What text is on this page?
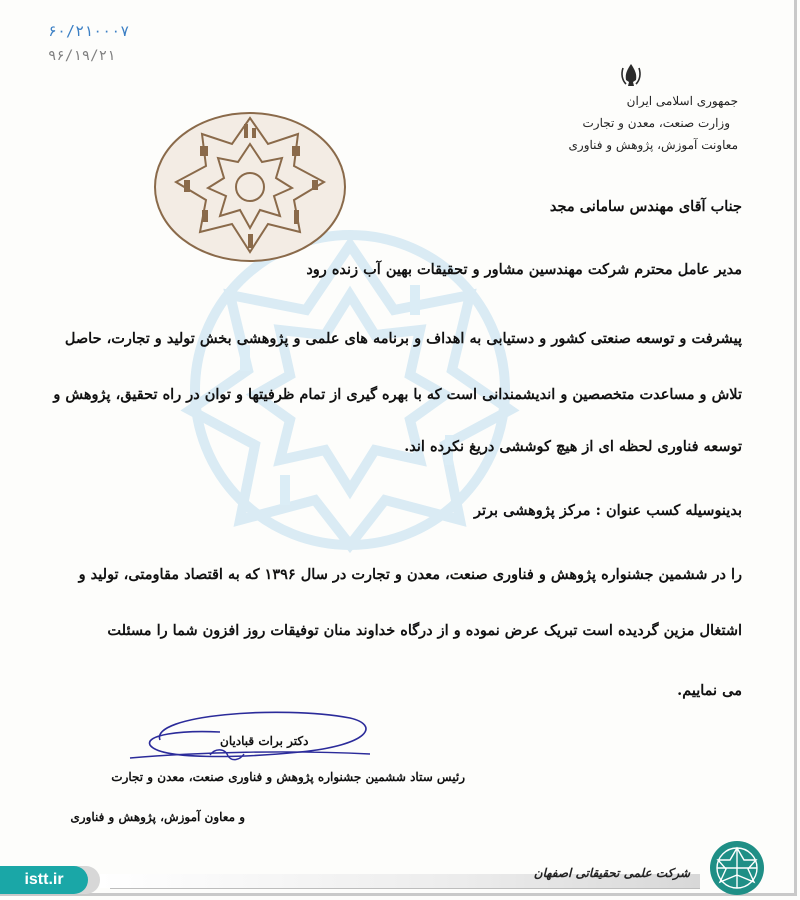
۶۰/۲۱۰۰۰۷
۹۶/۱۹/۲۱
جمهوری اسلامی ایران
وزارت صنعت، معدن و تجارت
معاونت آموزش، پژوهش و فناوری
جناب آقای مهندس سامانی مجد
مدیر عامل محترم شرکت مهندسین مشاور و تحقیقات بهین آب زنده رود
پیشرفت و توسعه صنعتی کشور و دستیابی به اهداف و برنامه های علمی و پژوهشی بخش تولید و تجارت، حاصل
تلاش و مساعدت متخصصین و اندیشمندانی است که با بهره گیری از تمام ظرفیتها و توان در راه تحقیق، پژوهش و
توسعه فناوری لحظه ای از هیچ کوششی دریغ نکرده اند.
بدینوسیله کسب عنوان : مرکز پژوهشی برتر
را در ششمین جشنواره پژوهش و فناوری صنعت، معدن و تجارت در سال ۱۳۹۶ که به اقتصاد مقاومتی، تولید و
اشتغال مزین گردیده است تبریک عرض نموده و از درگاه خداوند منان توفیقات روز افزون شما را مسئلت
می نماییم.
دکتر برات قبادیان
رئیس ستاد ششمین جشنواره پژوهش و فناوری صنعت، معدن و تجارت
و معاون آموزش، پژوهش و فناوری
istt.ir	شرکت علمی تحقیقاتی اصفهان
